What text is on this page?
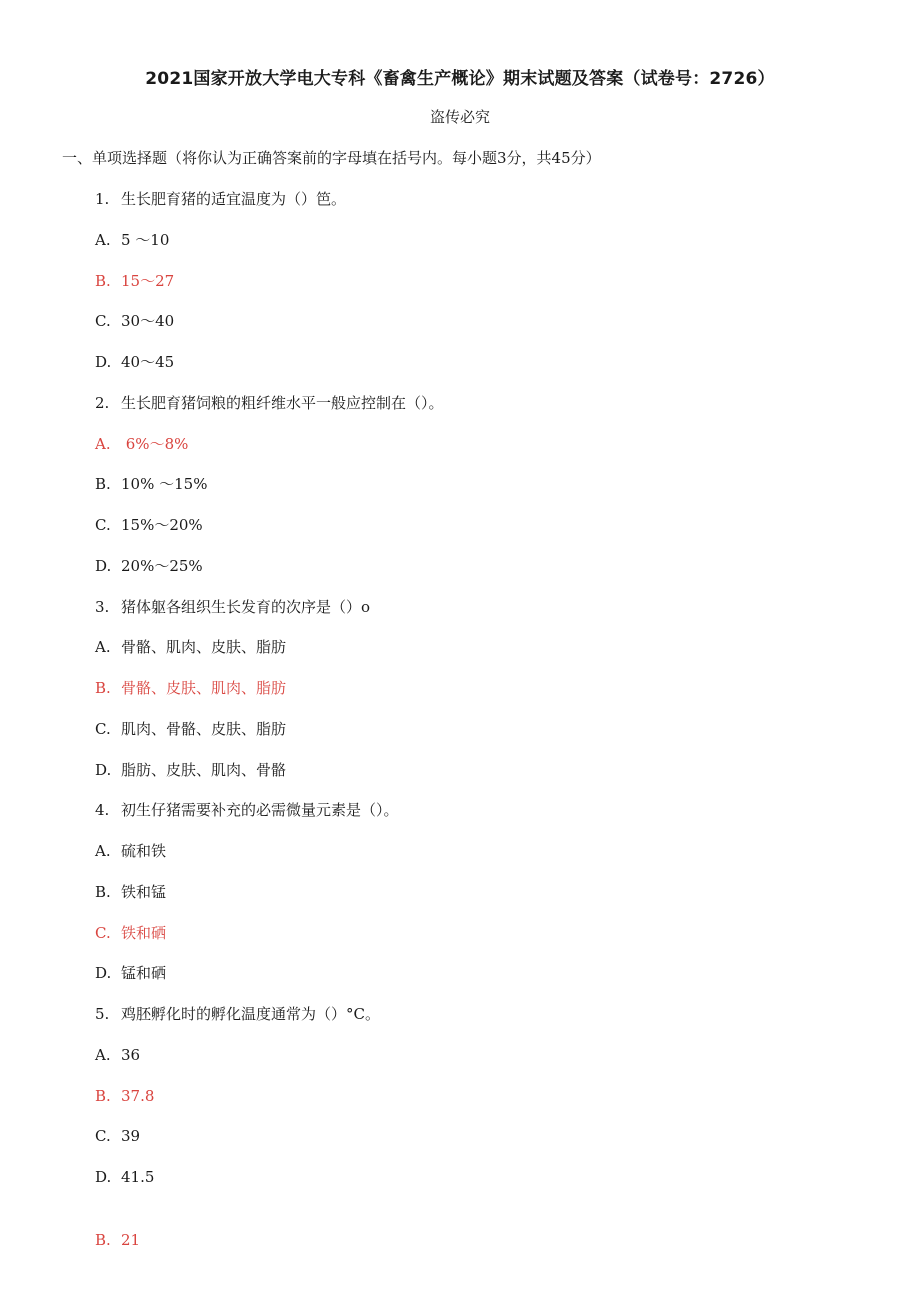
2021国家开放大学电大专科《畜禽生产概论》期末试题及答案（试卷号：2726）
盗传必究
一、单项选择题（将你认为正确答案前的字母填在括号内。每小题3分，共45分）
1. 生长肥育猪的适宜温度为（）笆。
A. 5 ～10
B. 15～27
C. 30～40
D. 40～45
2. 生长肥育猪饲粮的粗纤维水平一般应控制在（）。
A. 6%～8%
B. 10% ～15%
C. 15%～20%
D. 20%～25%
3. 猪体躯各组织生长发育的次序是（）o
A. 骨骼、肌肉、皮肤、脂肪
B. 骨骼、皮肤、肌肉、脂肪
C. 肌肉、骨骼、皮肤、脂肪
D. 脂肪、皮肤、肌肉、骨骼
4. 初生仔猪需要补充的必需微量元素是（）。
A. 硫和铁
B. 铁和锰
C. 铁和硒
D. 锰和硒
5. 鸡胚孵化时的孵化温度通常为（）°C。
A. 36
B. 37.8
C. 39
D. 41.5
B. 21
